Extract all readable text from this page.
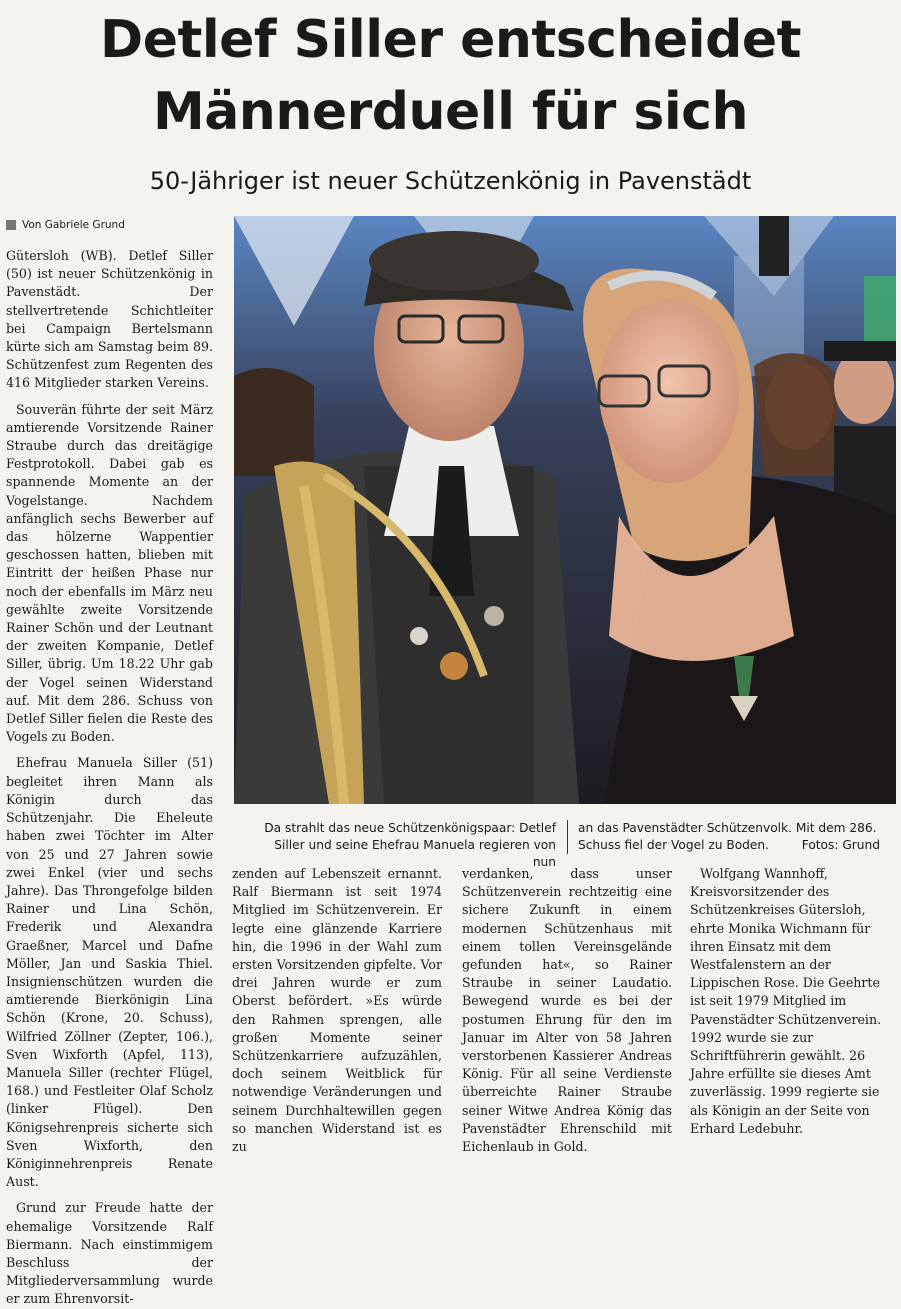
Detlef Siller entscheidet
Männerduell für sich
50-Jähriger ist neuer Schützenkönig in Pavenstädt
Von Gabriele Grund

Gütersloh (WB). Detlef Siller (50) ist neuer Schützenkönig in Pavenstädt. Der stellvertretende Schichtleiter bei Campaign Bertelsmann kürte sich am Samstag beim 89. Schützenfest zum Regenten des 416 Mitglieder starken Vereins.

Souverän führte der seit März amtierende Vorsitzende Rainer Straube durch das dreitägige Festprotokoll. Dabei gab es spannende Momente an der Vogelstange. Nachdem anfänglich sechs Bewerber auf das hölzerne Wappentier geschossen hatten, blieben mit Eintritt der heißen Phase nur noch der ebenfalls im März neu gewählte zweite Vorsitzende Rainer Schön und der Leutnant der zweiten Kompanie, Detlef Siller, übrig. Um 18.22 Uhr gab der Vogel seinen Widerstand auf. Mit dem 286. Schuss von Detlef Siller fielen die Reste des Vogels zu Boden.

Ehefrau Manuela Siller (51) begleitet ihren Mann als Königin durch das Schützenjahr. Die Eheleute haben zwei Töchter im Alter von 25 und 27 Jahren sowie zwei Enkel (vier und sechs Jahre). Das Throngefolge bilden Rainer und Lina Schön, Frederik und Alexandra Graeßner, Marcel und Dafne Möller, Jan und Saskia Thiel. Insignienschützen wurden die amtierende Bierkönigin Lina Schön (Krone, 20. Schuss), Wilfried Zöllner (Zepter, 106.), Sven Wixforth (Apfel, 113), Manuela Siller (rechter Flügel, 168.) und Festleiter Olaf Scholz (linker Flügel). Den Königsehrenpreis sicherte sich Sven Wixforth, den Königinnehrenpreis Renate Aust.

Grund zur Freude hatte der ehemalige Vorsitzende Ralf Biermann. Nach einstimmigem Beschluss der Mitgliederversammlung wurde er zum Ehrenvorsit-

Da strahlt das neue Schützenkönigspaar: Detlef Siller und seine Ehefrau Manuela regieren von nun
an das Pavenstädter Schützenvolk. Mit dem 286. Schuss fiel der Vogel zu Boden.	Fotos: Grund

zenden auf Lebenszeit ernannt. Ralf Biermann ist seit 1974 Mitglied im Schützenverein. Er legte eine glänzende Karriere hin, die 1996 in der Wahl zum ersten Vorsitzenden gipfelte. Vor drei Jahren wurde er zum Oberst befördert. »Es würde den Rahmen sprengen, alle großen Momente seiner Schützenkarriere aufzuzählen, doch seinem Weitblick für notwendige Veränderungen und seinem Durchhaltewillen gegen so manchen Widerstand ist es zu

verdanken, dass unser Schützenverein rechtzeitig eine sichere Zukunft in einem modernen Schützenhaus mit einem tollen Vereinsgelände gefunden hat«, so Rainer Straube in seiner Laudatio. Bewegend wurde es bei der postumen Ehrung für den im Januar im Alter von 58 Jahren verstorbenen Kassierer Andreas König. Für all seine Verdienste überreichte Rainer Straube seiner Witwe Andrea König das Pavenstädter Ehrenschild mit Eichenlaub in Gold.

Wolfgang Wannhoff, Kreisvorsitzender des Schützenkreises Gütersloh, ehrte Monika Wichmann für ihren Einsatz mit dem Westfalenstern an der Lippischen Rose. Die Geehrte ist seit 1979 Mitglied im Pavenstädter Schützenverein. 1992 wurde sie zur Schriftführerin gewählt. 26 Jahre erfüllte sie dieses Amt zuverlässig. 1999 regierte sie als Königin an der Seite von Erhard Ledebuhr.
